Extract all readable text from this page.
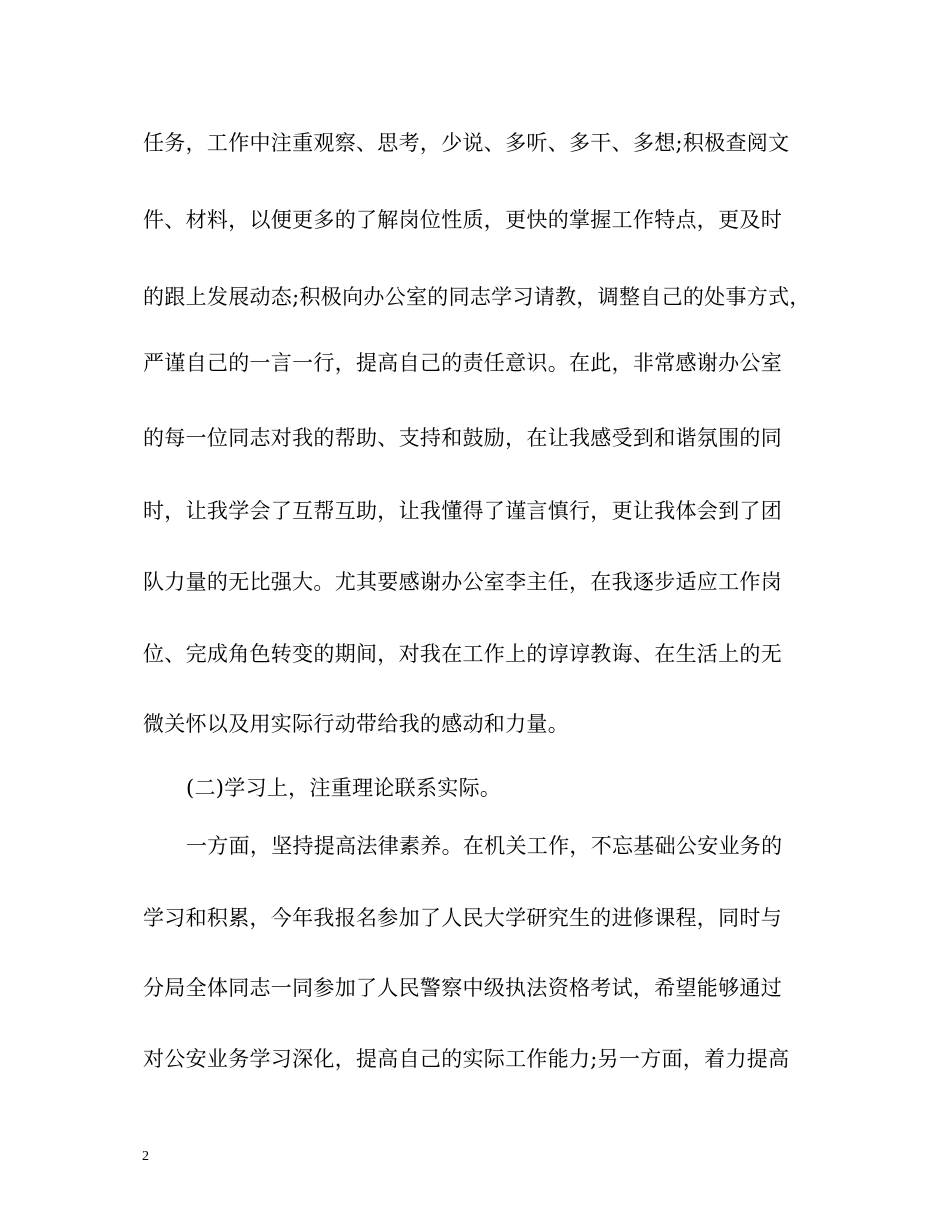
任务，工作中注重观察、思考，少说、多听、多干、多想;积极查阅文
件、材料，以便更多的了解岗位性质，更快的掌握工作特点，更及时
的跟上发展动态;积极向办公室的同志学习请教，调整自己的处事方式，
严谨自己的一言一行，提高自己的责任意识。在此，非常感谢办公室
的每一位同志对我的帮助、支持和鼓励，在让我感受到和谐氛围的同
时，让我学会了互帮互助，让我懂得了谨言慎行，更让我体会到了团
队力量的无比强大。尤其要感谢办公室李主任，在我逐步适应工作岗
位、完成角色转变的期间，对我在工作上的谆谆教诲、在生活上的无
微关怀以及用实际行动带给我的感动和力量。
(二)学习上，注重理论联系实际。
一方面，坚持提高法律素养。在机关工作，不忘基础公安业务的
学习和积累，今年我报名参加了人民大学研究生的进修课程，同时与
分局全体同志一同参加了人民警察中级执法资格考试，希望能够通过
对公安业务学习深化，提高自己的实际工作能力;另一方面，着力提高
2
